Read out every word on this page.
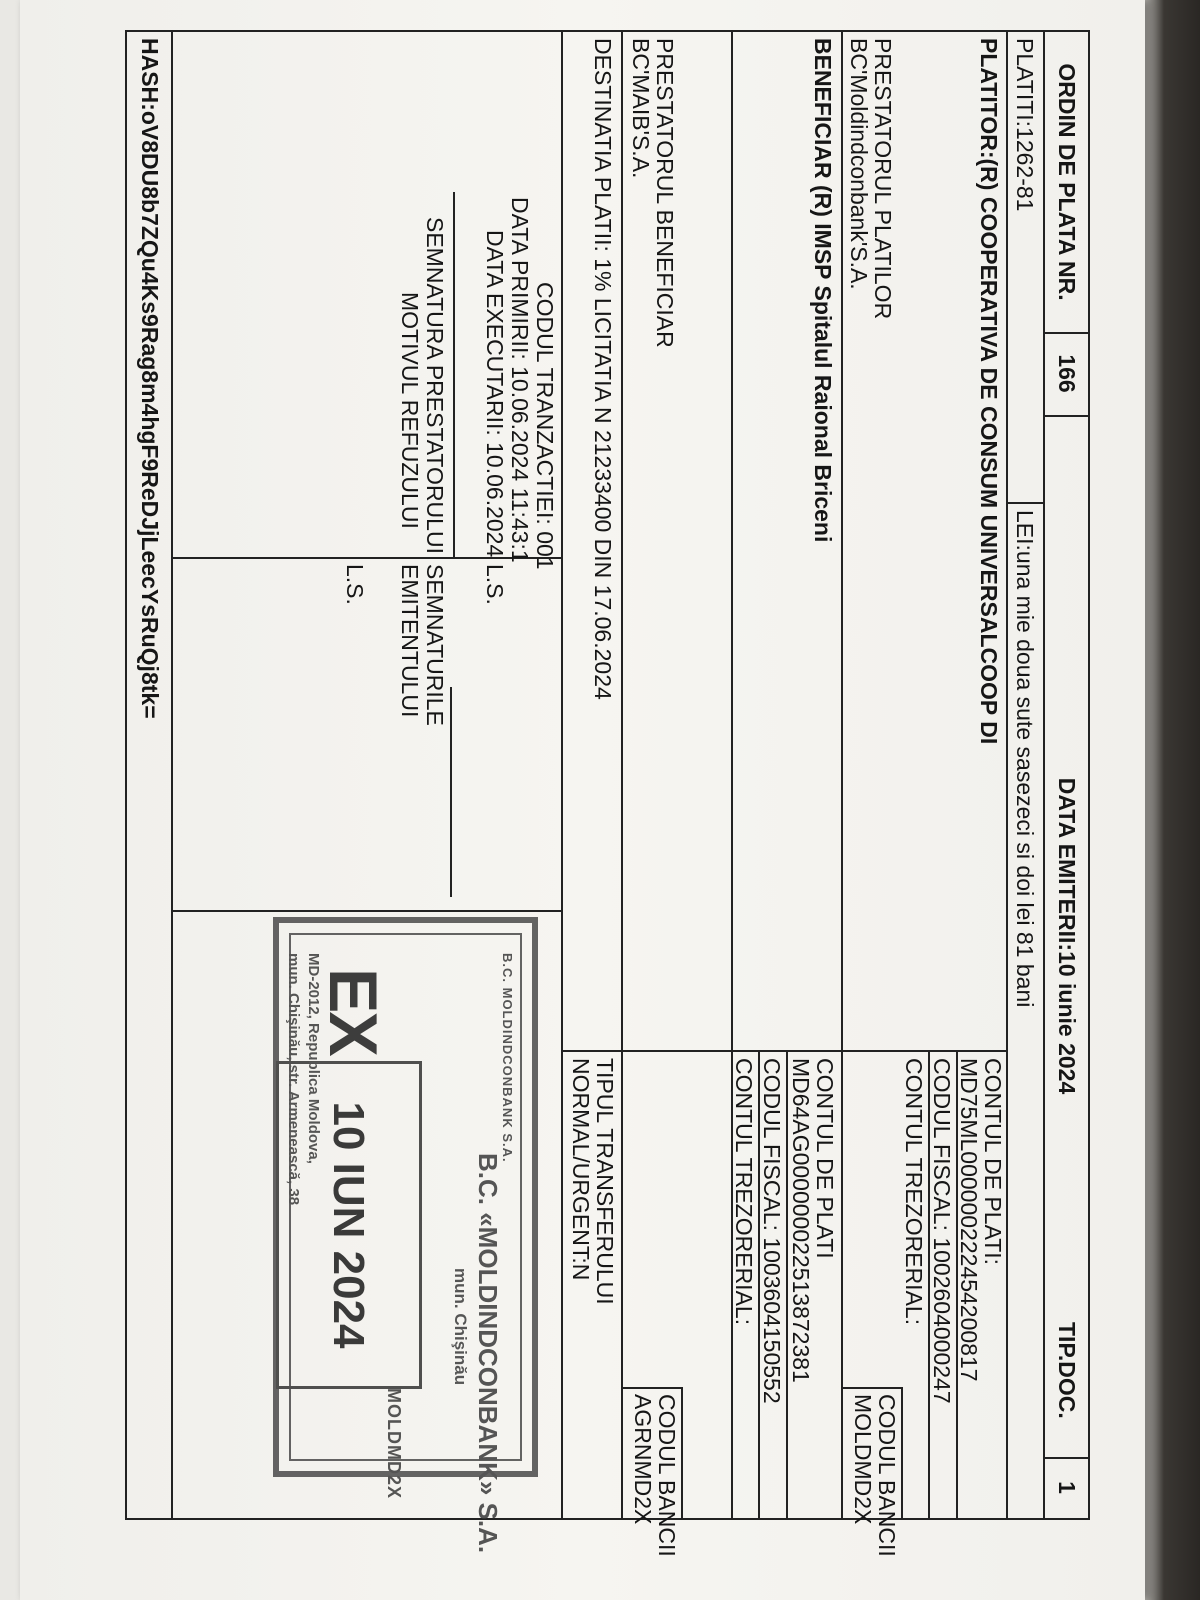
ORDIN DE PLATA NR.
166
DATA EMITERII:10 iunie 2024
TIP.DOC.
1
PLATITI:1262-81
LEI:una mie doua sute sasezeci si doi lei 81 bani
PLATITOR:(R) COOPERATIVA DE CONSUM UNIVERSALCOOP DI
CONTUL DE PLATI:
MD75ML000000222454200817
CODUL FISCAL: 1002604000247
CONTUL TREZORERIAL:
PRESTATORUL PLATILOR
BC'Moldindconbank'S.A.
CODUL BANCII
MOLDMD2X
BENEFICIAR (R) IMSP Spitalul Raional Briceni
CONTUL DE PLATI
MD64AG000000022513872381
CODUL FISCAL: 1003604150552
CONTUL TREZORERIAL:
PRESTATORUL BENEFICIAR
BC'MAIB'S.A.
CODUL BANCII
AGRNMD2X
DESTINATIA PLATII: 1% LICITATIA N 21233400 DIN 17.06.2024
TIPUL TRANSFERULUI
NORMAL/URGENT:N
CODUL TRANZACTIEI: 001
DATA PRIMIRII: 10.06.2024 11:43:1
DATA EXECUTARII: 10.06.2024
L.S.
SEMNATURA PRESTATORULUI
MOTIVUL REFUZULUI
SEMNATURILE
EMITENTULUI
L.S.
B.C. MOLDINDCONBANK S.A.
B.C. «MOLDINDCONBANK» S.A.
mun. Chişinău
EX
10 IUN 2024
MOLDMD2X
MD-2012, Republica Moldova,
mun. Chişinău, str. Armenească, 38
HASH:oV8DU8b7ZQu4Ks9Rag8m4hgF9ReDJjLeecYsRuQj8tk=
